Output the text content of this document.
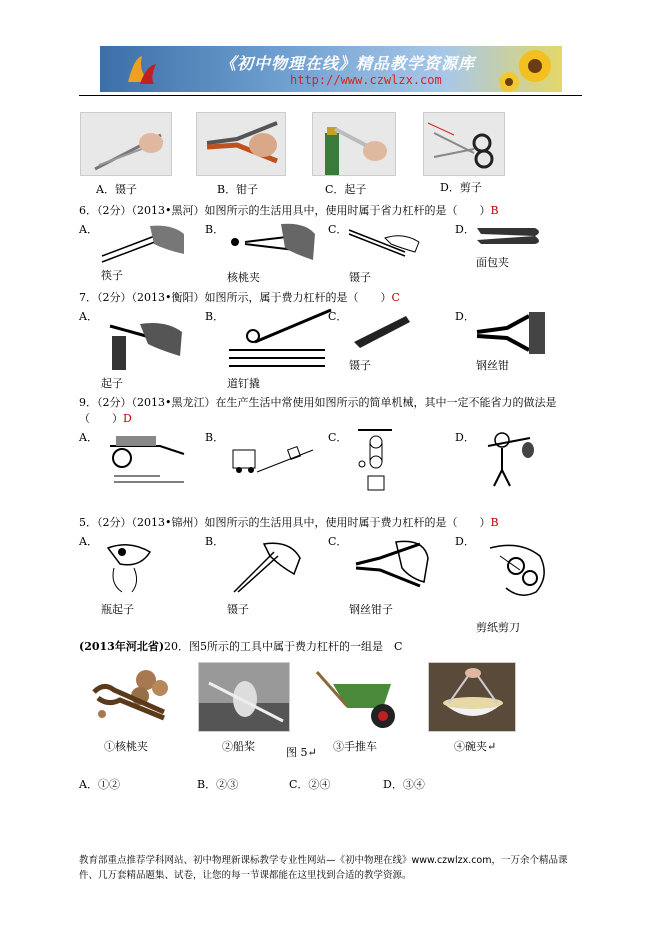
《初中物理在线》精品教学资源库
http://www.czwlzx.com
A．镊子	B．钳子	C．起子	D．剪子
6．（2分）（2013•黑河）如图所示的生活用具中，使用时属于省力杠杆的是（　　）B
A．	B．	C．	D．
筷子	核桃夹	镊子
面包夹
7．（2分）（2013•衡阳）如图所示，属于费力杠杆的是（　　）C
A．	B．	C．	D．
起子	道钉撬
镊子	钢丝钳
9．（2分）（2013•黑龙江）在生产生活中常使用如图所示的简单机械，其中一定不能省力的做法是
（　　）D
A．	B．	C．	D．
5．（2分）（2013•锦州）如图所示的生活用具中，使用时属于费力杠杆的是（　　）B
A．	B．	C．	D．
瓶起子	镊子	钢丝钳子
剪纸剪刀
(2013年河北省)20．图5所示的工具中属于费力杠杆的一组是　C
①核桃夹	②船桨	③手推车	④碗夹↵
图 5↵
A．①②	B．②③	C．②④	D．③④
教育部重点推荐学科网站、初中物理新课标教学专业性网站—《初中物理在线》www.czwlzx.com，一万余个精品课
件、几万套精品题集、试卷，让您的每一节课都能在这里找到合适的教学资源。
